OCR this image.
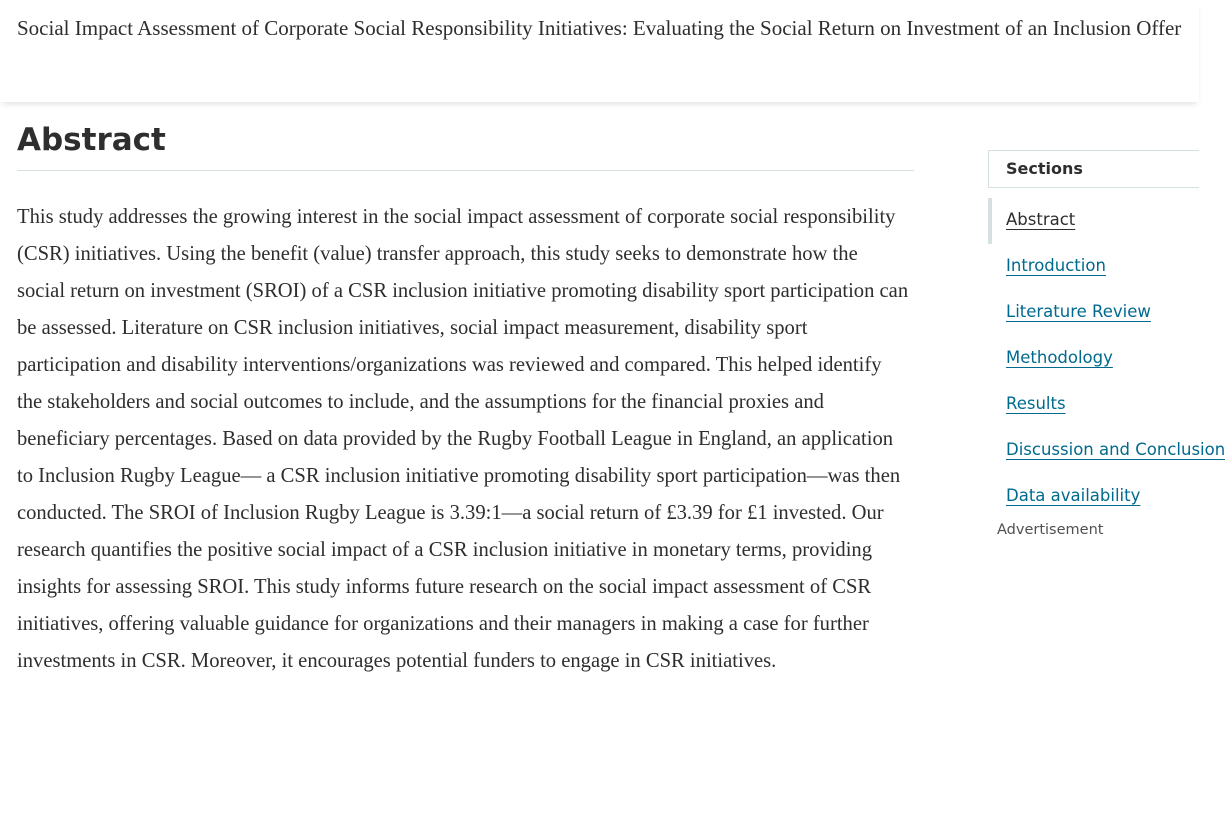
Social Impact Assessment of Corporate Social Responsibility Initiatives: Evaluating the Social Return on Investment of an Inclusion Offer
Abstract

This study addresses the growing interest in the social impact assessment of corporate social responsibility (CSR) initiatives. Using the benefit (value) transfer approach, this study seeks to demonstrate how the social return on investment (SROI) of a CSR inclusion initiative promoting disability sport participation can be assessed. Literature on CSR inclusion initiatives, social impact measurement, disability sport participation and disability interventions/organizations was reviewed and compared. This helped identify the stakeholders and social outcomes to include, and the assumptions for the financial proxies and beneficiary percentages. Based on data provided by the Rugby Football League in England, an application to Inclusion Rugby League— a CSR inclusion initiative promoting disability sport participation—was then conducted. The SROI of Inclusion Rugby League is 3.39:1—a social return of £3.39 for £1 invested. Our research quantifies the positive social impact of a CSR inclusion initiative in monetary terms, providing insights for assessing SROI. This study informs future research on the social impact assessment of CSR initiatives, offering valuable guidance for organizations and their managers in making a case for further investments in CSR. Moreover, it encourages potential funders to engage in CSR initiatives.

Sections
Abstract
Introduction
Literature Review
Methodology
Results
Discussion and Conclusion
Data availability
Advertisement
